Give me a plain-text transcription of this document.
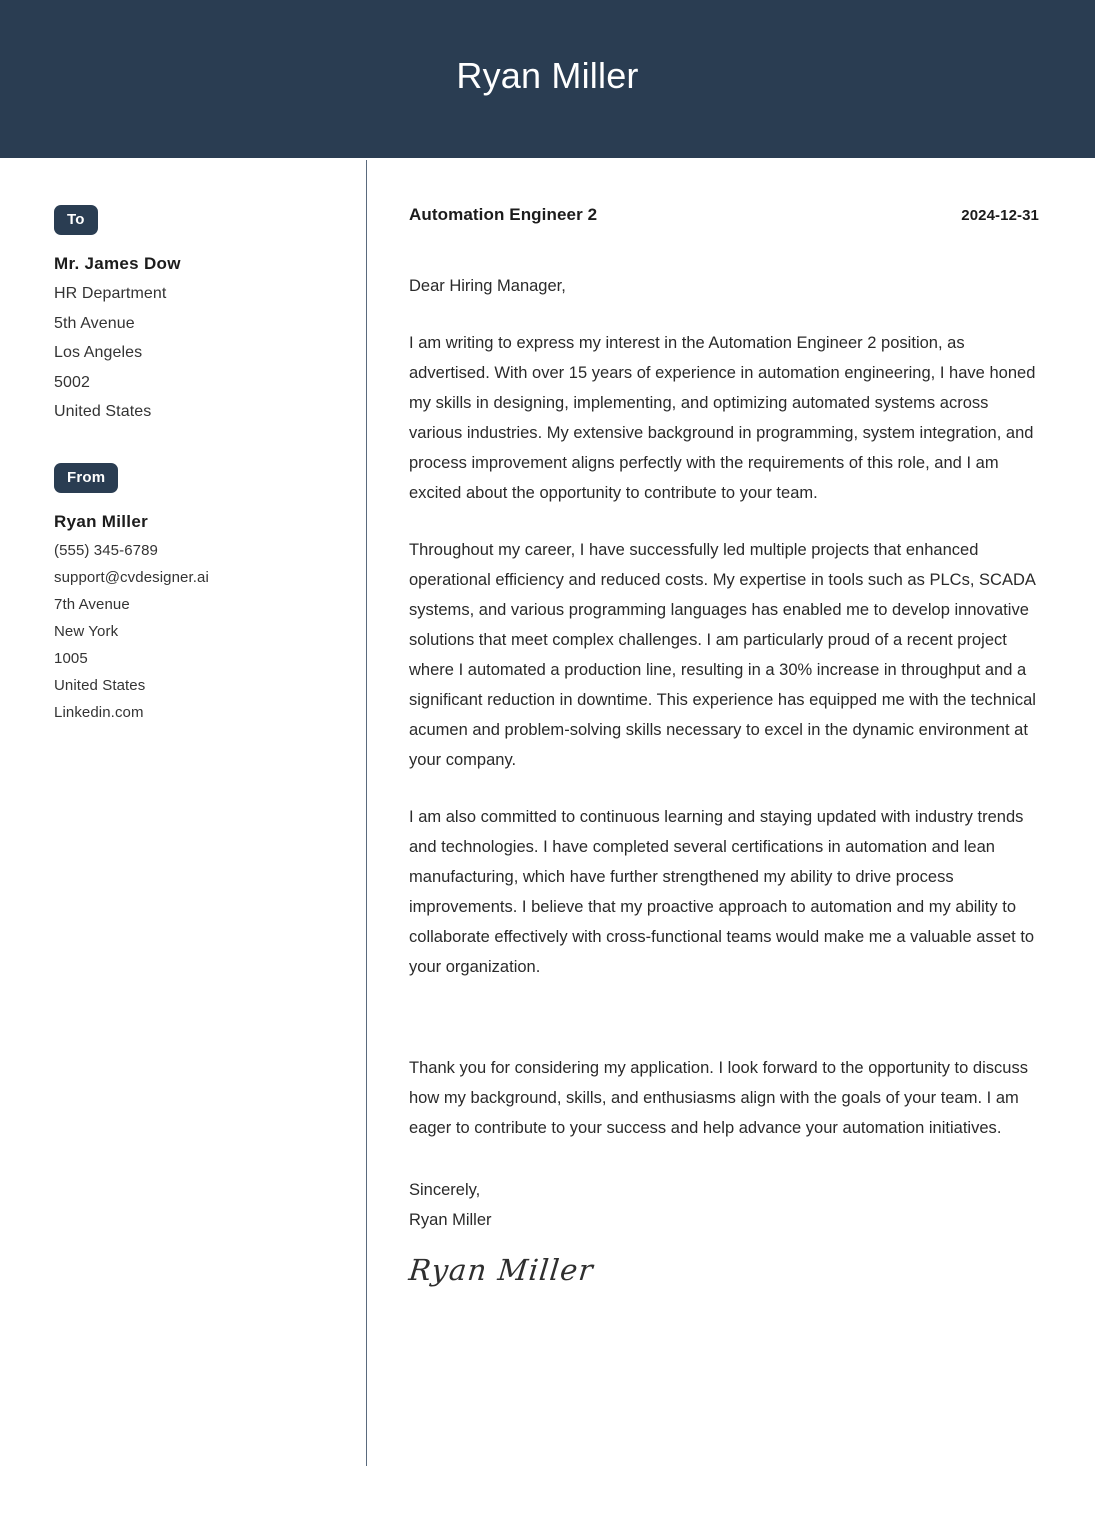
Ryan Miller
To
Mr. James Dow
HR Department
5th Avenue
Los Angeles
5002
United States
From
Ryan Miller
(555) 345-6789
support@cvdesigner.ai
7th Avenue
New York
1005
United States
Linkedin.com
Automation Engineer 2	2024-12-31
Dear Hiring Manager,
I am writing to express my interest in the Automation Engineer 2 position, as advertised. With over 15 years of experience in automation engineering, I have honed my skills in designing, implementing, and optimizing automated systems across various industries. My extensive background in programming, system integration, and process improvement aligns perfectly with the requirements of this role, and I am excited about the opportunity to contribute to your team.
Throughout my career, I have successfully led multiple projects that enhanced operational efficiency and reduced costs. My expertise in tools such as PLCs, SCADA systems, and various programming languages has enabled me to develop innovative solutions that meet complex challenges. I am particularly proud of a recent project where I automated a production line, resulting in a 30% increase in throughput and a significant reduction in downtime. This experience has equipped me with the technical acumen and problem-solving skills necessary to excel in the dynamic environment at your company.
I am also committed to continuous learning and staying updated with industry trends and technologies. I have completed several certifications in automation and lean manufacturing, which have further strengthened my ability to drive process improvements. I believe that my proactive approach to automation and my ability to collaborate effectively with cross-functional teams would make me a valuable asset to your organization.
Thank you for considering my application. I look forward to the opportunity to discuss how my background, skills, and enthusiasms align with the goals of your team. I am eager to contribute to your success and help advance your automation initiatives.
Sincerely,
Ryan Miller
Ryan Miller
